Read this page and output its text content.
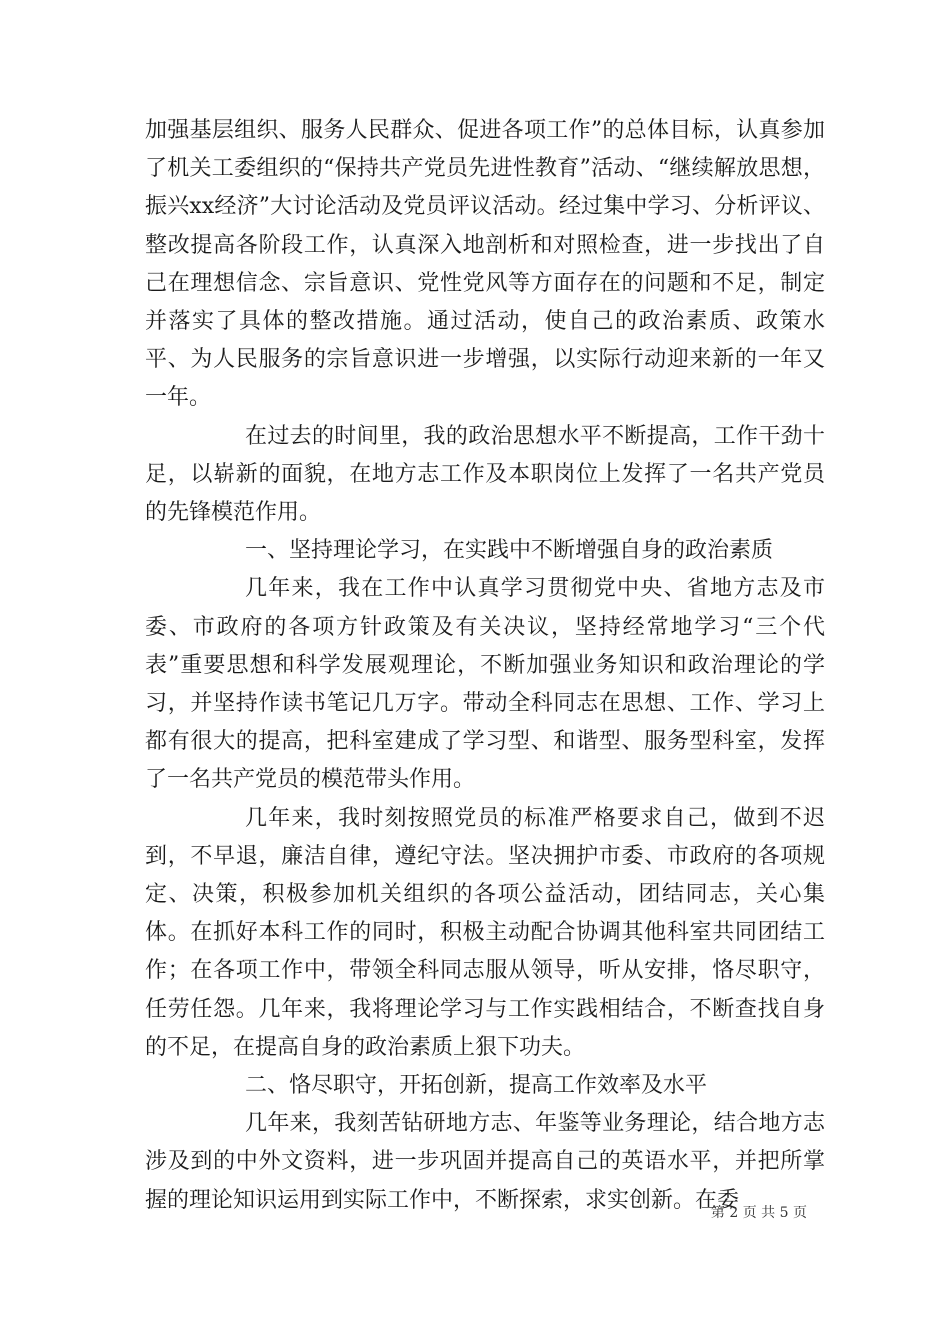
加强基层组织、服务人民群众、促进各项工作”的总体目标，认真参加了机关工委组织的“保持共产党员先进性教育”活动、“继续解放思想，振兴xx经济”大讨论活动及党员评议活动。经过集中学习、分析评议、整改提高各阶段工作，认真深入地剖析和对照检查，进一步找出了自己在理想信念、宗旨意识、党性党风等方面存在的问题和不足，制定并落实了具体的整改措施。通过活动，使自己的政治素质、政策水平、为人民服务的宗旨意识进一步增强，以实际行动迎来新的一年又一年。

在过去的时间里，我的政治思想水平不断提高，工作干劲十足，以崭新的面貌，在地方志工作及本职岗位上发挥了一名共产党员的先锋模范作用。

一、坚持理论学习，在实践中不断增强自身的政治素质

几年来，我在工作中认真学习贯彻党中央、省地方志及市委、市政府的各项方针政策及有关决议，坚持经常地学习“三个代表”重要思想和科学发展观理论，不断加强业务知识和政治理论的学习，并坚持作读书笔记几万字。带动全科同志在思想、工作、学习上都有很大的提高，把科室建成了学习型、和谐型、服务型科室，发挥了一名共产党员的模范带头作用。

几年来，我时刻按照党员的标准严格要求自己，做到不迟到，不早退，廉洁自律，遵纪守法。坚决拥护市委、市政府的各项规定、决策，积极参加机关组织的各项公益活动，团结同志，关心集体。在抓好本科工作的同时，积极主动配合协调其他科室共同团结工作；在各项工作中，带领全科同志服从领导，听从安排，恪尽职守，任劳任怨。几年来，我将理论学习与工作实践相结合，不断查找自身的不足，在提高自身的政治素质上狠下功夫。

二、恪尽职守，开拓创新，提高工作效率及水平

几年来，我刻苦钻研地方志、年鉴等业务理论，结合地方志涉及到的中外文资料，进一步巩固并提高自己的英语水平，并把所掌握的理论知识运用到实际工作中，不断探索，求实创新。在委

第 2 页 共 5 页
